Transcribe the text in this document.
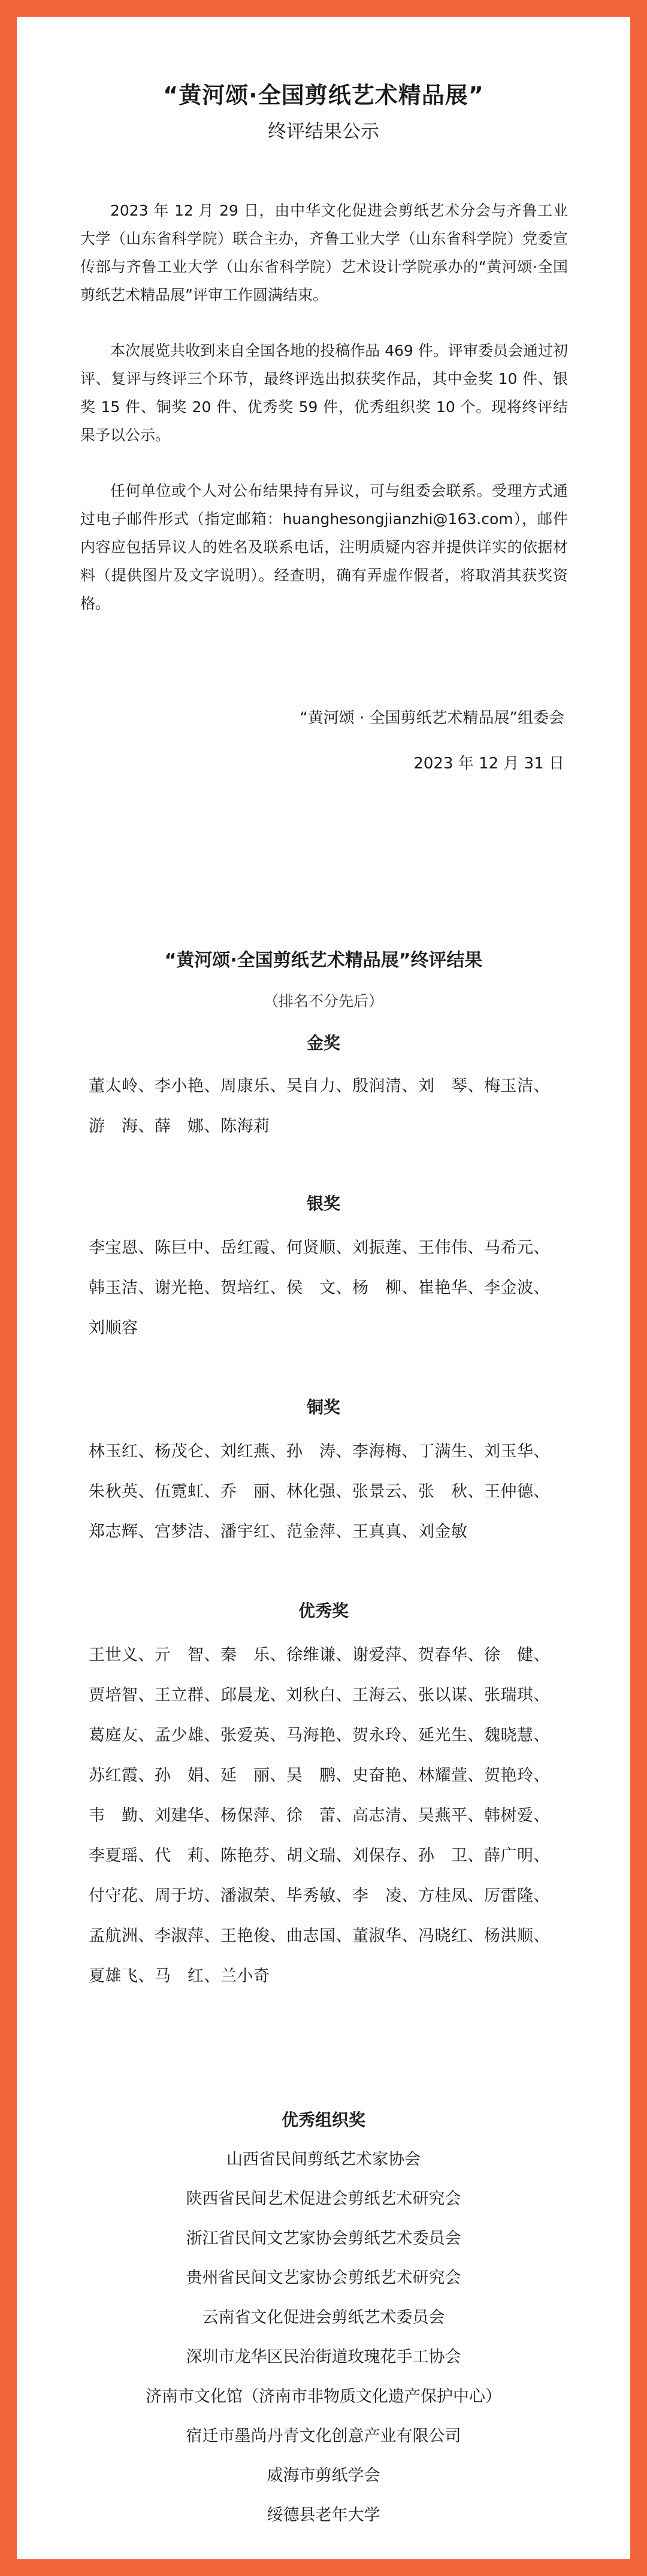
“黄河颂·全国剪纸艺术精品展”
终评结果公示
2023 年 12 月 29 日，由中华文化促进会剪纸艺术分会与齐鲁工业大学（山东省科学院）联合主办，齐鲁工业大学（山东省科学院）党委宣传部与齐鲁工业大学（山东省科学院）艺术设计学院承办的“黄河颂·全国剪纸艺术精品展”评审工作圆满结束。
本次展览共收到来自全国各地的投稿作品 469 件。评审委员会通过初评、复评与终评三个环节，最终评选出拟获奖作品，其中金奖 10 件、银奖 15 件、铜奖 20 件、优秀奖 59 件，优秀组织奖 10 个。现将终评结果予以公示。
任何单位或个人对公布结果持有异议，可与组委会联系。受理方式通过电子邮件形式（指定邮箱：huanghesongjianzhi@163.com），邮件内容应包括异议人的姓名及联系电话，注明质疑内容并提供详实的依据材料（提供图片及文字说明）。经查明，确有弄虚作假者，将取消其获奖资格。
“黄河颂 · 全国剪纸艺术精品展”组委会
2023 年 12 月 31 日
“黄河颂·全国剪纸艺术精品展”终评结果
（排名不分先后）
金奖
董太岭、李小艳、周康乐、吴自力、殷润清、刘　琴、梅玉洁、
游　海、薛　娜、陈海莉
银奖
李宝恩、陈巨中、岳红霞、何贤顺、刘振莲、王伟伟、马希元、
韩玉洁、谢光艳、贺培红、侯　文、杨　柳、崔艳华、李金波、
刘顺容
铜奖
林玉红、杨茂仑、刘红燕、孙　涛、李海梅、丁满生、刘玉华、
朱秋英、伍霓虹、乔　丽、林化强、张景云、张　秋、王仲德、
郑志辉、宫梦洁、潘宇红、范金萍、王真真、刘金敏
优秀奖
王世义、亓　智、秦　乐、徐维谦、谢爱萍、贺春华、徐　健、
贾培智、王立群、邱晨龙、刘秋白、王海云、张以谋、张瑞琪、
葛庭友、孟少雄、张爱英、马海艳、贺永玲、延光生、魏晓慧、
苏红霞、孙　娟、延　丽、吴　鹏、史奋艳、林耀萱、贺艳玲、
韦　勤、刘建华、杨保萍、徐　蕾、高志清、吴燕平、韩树爱、
李夏瑶、代　莉、陈艳芬、胡文瑞、刘保存、孙　卫、薛广明、
付守花、周于坊、潘淑荣、毕秀敏、李　凌、方桂凤、厉雷隆、
孟航洲、李淑萍、王艳俊、曲志国、董淑华、冯晓红、杨洪顺、
夏雄飞、马　红、兰小奇
优秀组织奖
山西省民间剪纸艺术家协会
陕西省民间艺术促进会剪纸艺术研究会
浙江省民间文艺家协会剪纸艺术委员会
贵州省民间文艺家协会剪纸艺术研究会
云南省文化促进会剪纸艺术委员会
深圳市龙华区民治街道玫瑰花手工协会
济南市文化馆（济南市非物质文化遗产保护中心）
宿迁市墨尚丹青文化创意产业有限公司
威海市剪纸学会
绥德县老年大学
